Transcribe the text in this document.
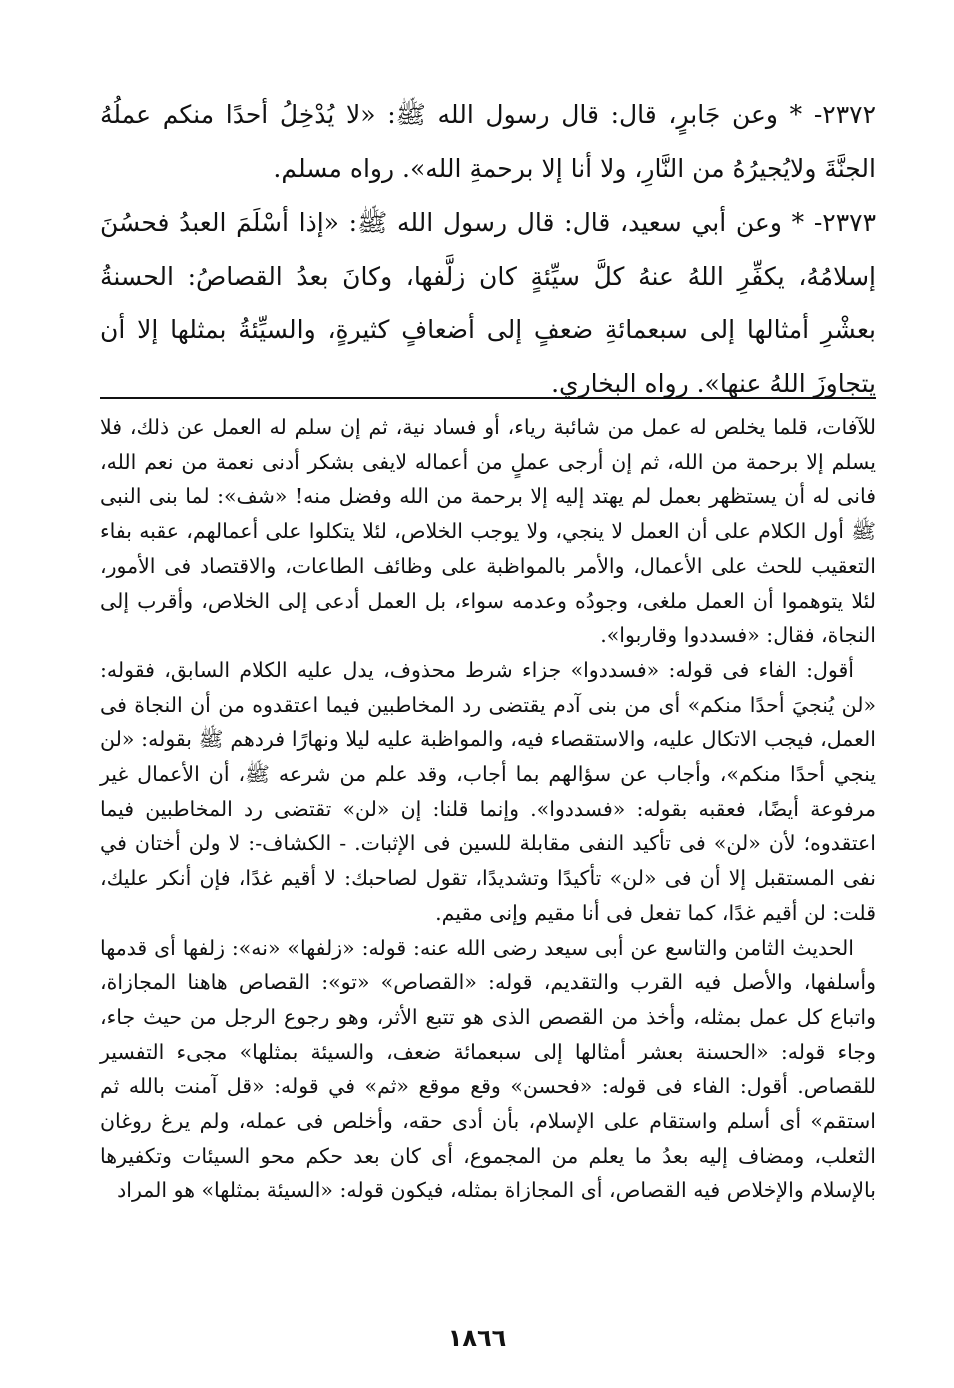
٢٣٧٢- * وعن جَابرٍ، قال: قال رسول الله ﷺ: «لا يُدْخِلُ أحدًا منكم عملُهُ الجنَّةَ ولايُجيرُهُ من النَّارِ، ولا أنا إلا برحمةِ الله». رواه مسلم.

٢٣٧٣- * وعن أبي سعيد، قال: قال رسول الله ﷺ: «إذا أسْلَمَ العبدُ فحسُنَ إسلامُهُ، يكفِّرِ اللهُ عنهُ كلَّ سيِّئةٍ كان زلَّفها، وكانَ بعدُ القصاصُ: الحسنةُ بعشْرِ أمثالها إلى سبعمائةِ ضعفٍ إلى أضعافٍ كثيرةٍ، والسيِّئةُ بمثلها إلا أن يتجاوزَ اللهُ عنها». رواه البخاري.

للآفات، قلما يخلص له عمل من شائبة رياء، أو فساد نية، ثم إن سلم له العمل عن ذلك، فلا يسلم إلا برحمة من الله، ثم إن أرجى عملٍ من أعماله لايفى بشكر أدنى نعمة من نعم الله، فانى له أن يستظهر بعمل لم يهتد إليه إلا برحمة من الله وفضل منه! «شف»: لما بنى النبى ﷺ أول الكلام على أن العمل لا ينجي، ولا يوجب الخلاص، لئلا يتكلوا على أعمالهم، عقبه بفاء التعقيب للحث على الأعمال، والأمر بالمواظبة على وظائف الطاعات، والاقتصاد فى الأمور، لئلا يتوهموا أن العمل ملغى، وجودُه وعدمه سواء، بل العمل أدعى إلى الخلاص، وأقرب إلى النجاة، فقال: «فسددوا وقاربوا».

أقول: الفاء فى قوله: «فسددوا» جزاء شرط محذوف، يدل عليه الكلام السابق، فقوله: «لن يُنجيَ أحدًا منكم» أى من بنى آدم يقتضى رد المخاطبين فيما اعتقدوه من أن النجاة فى العمل، فيجب الاتكال عليه، والاستقصاء فيه، والمواظبة عليه ليلا ونهارًا فردهم ﷺ بقوله: «لن ينجي أحدًا منكم»، وأجاب عن سؤالهم بما أجاب، وقد علم من شرعه ﷺ، أن الأعمال غير مرفوعة أيضًا، فعقبه بقوله: «فسددوا». وإنما قلنا: إن «لن» تقتضى رد المخاطبين فيما اعتقدوه؛ لأن «لن» فى تأكيد النفى مقابلة للسين فى الإثبات. - الكشاف-: لا ولن أختان في نفى المستقبل إلا أن فى «لن» تأكيدًا وتشديدًا، تقول لصاحبك: لا أقيم غدًا، فإن أنكر عليك، قلت: لن أقيم غدًا، كما تفعل فى أنا مقيم وإنى مقيم.

الحديث الثامن والتاسع عن أبى سيعد رضى الله عنه: قوله: «زلفها» «نه»: زلفها أى قدمها وأسلفها، والأصل فيه القرب والتقديم، قوله: «القصاص» «تو»: القصاص هاهنا المجازاة، واتباع كل عمل بمثله، وأخذ من القصص الذى هو تتبع الأثر، وهو رجوع الرجل من حيث جاء، وجاء قوله: «الحسنة بعشر أمثالها إلى سبعمائة ضعف، والسيئة بمثلها» مجىء التفسير للقصاص. أقول: الفاء فى قوله: «فحسن» وقع موقع «ثم» في قوله: «قل آمنت بالله ثم استقم» أى أسلم واستقام على الإسلام، بأن أدى حقه، وأخلص فى عمله، ولم يرغ روغان الثعلب، ومضاف إليه بعدُ ما يعلم من المجموع، أى كان بعد حكم محو السيئات وتكفيرها بالإسلام والإخلاص فيه القصاص، أى المجازاة بمثله، فيكون قوله: «السيئة بمثلها» هو المراد

١٨٦٦
